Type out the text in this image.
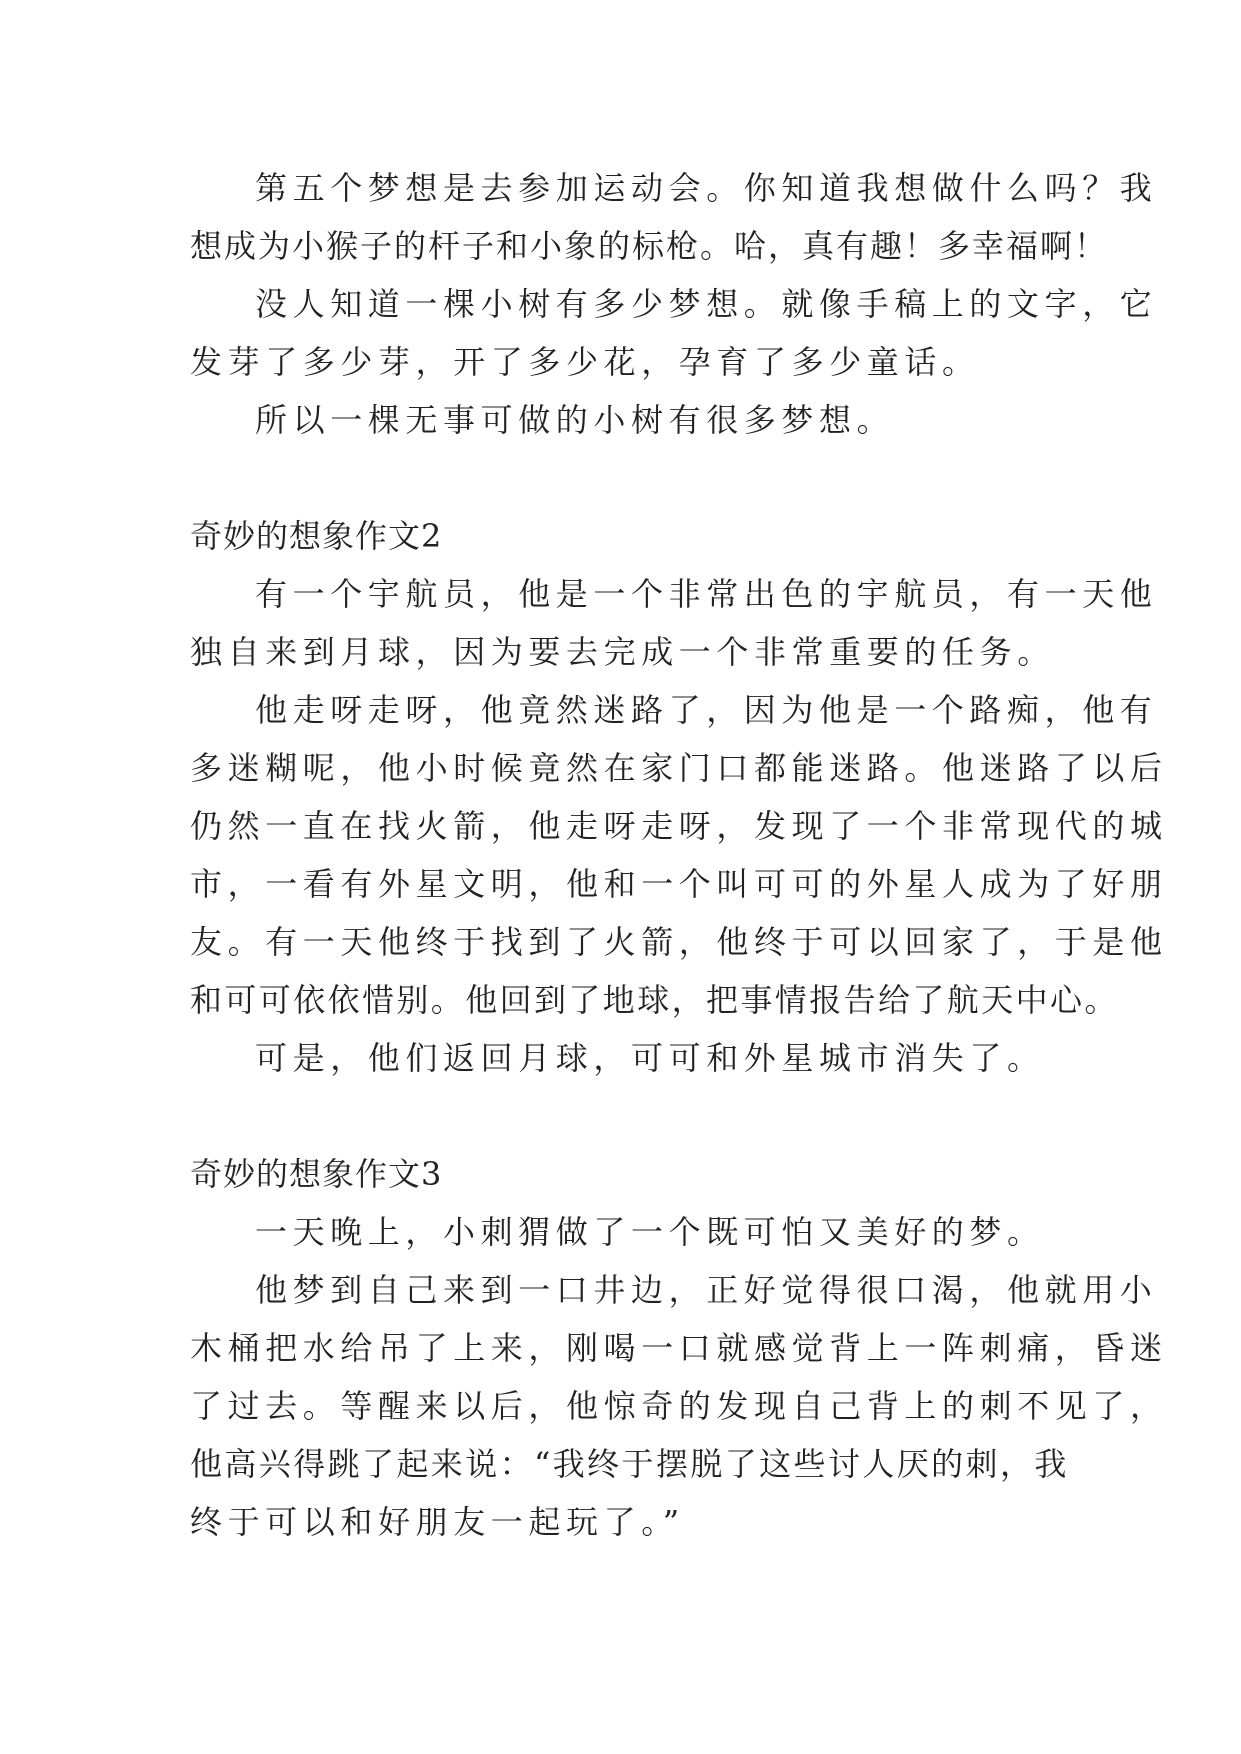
第五个梦想是去参加运动会。你知道我想做什么吗？我
想成为小猴子的杆子和小象的标枪。哈，真有趣！多幸福啊！
没人知道一棵小树有多少梦想。就像手稿上的文字，它
发芽了多少芽，开了多少花，孕育了多少童话。
所以一棵无事可做的小树有很多梦想。
奇妙的想象作文2
有一个宇航员，他是一个非常出色的宇航员，有一天他
独自来到月球，因为要去完成一个非常重要的任务。
他走呀走呀，他竟然迷路了，因为他是一个路痴，他有
多迷糊呢，他小时候竟然在家门口都能迷路。他迷路了以后
仍然一直在找火箭，他走呀走呀，发现了一个非常现代的城
市，一看有外星文明，他和一个叫可可的外星人成为了好朋
友。有一天他终于找到了火箭，他终于可以回家了，于是他
和可可依依惜别。他回到了地球，把事情报告给了航天中心。
可是，他们返回月球，可可和外星城市消失了。
奇妙的想象作文3
一天晚上，小刺猬做了一个既可怕又美好的梦。
他梦到自己来到一口井边，正好觉得很口渴，他就用小
木桶把水给吊了上来，刚喝一口就感觉背上一阵刺痛，昏迷
了过去。等醒来以后，他惊奇的发现自己背上的刺不见了，
他高兴得跳了起来说：“我终于摆脱了这些讨人厌的刺，我
终于可以和好朋友一起玩了。”
